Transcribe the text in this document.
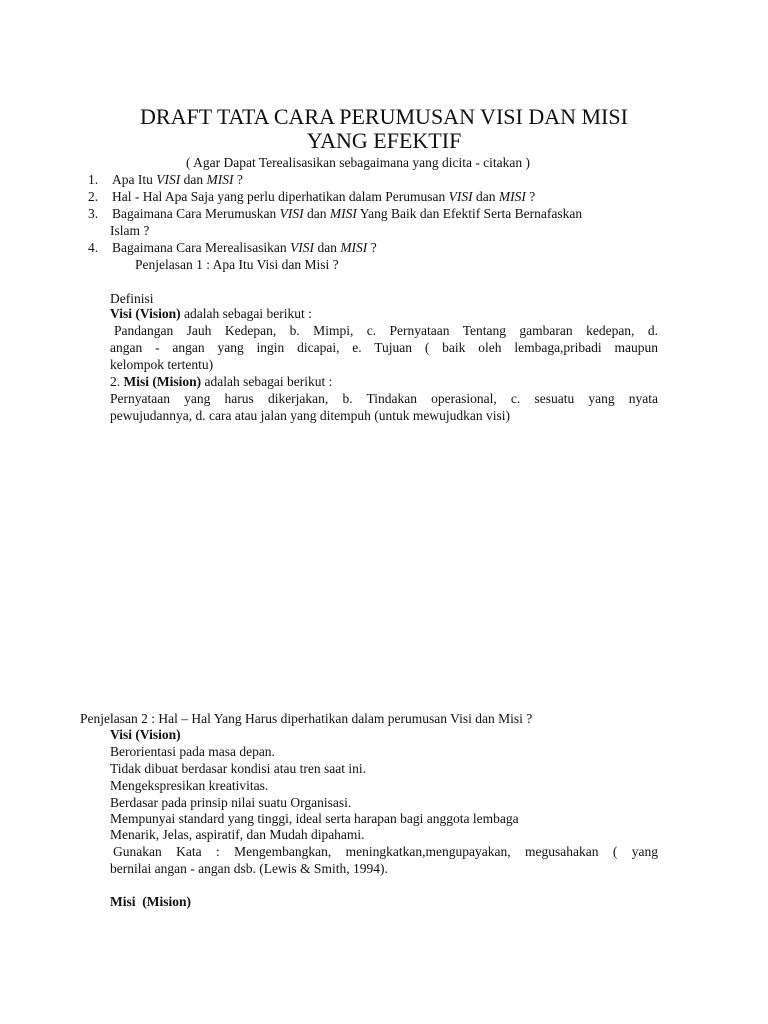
DRAFT TATA CARA PERUMUSAN VISI DAN MISI
YANG EFEKTIF
( Agar Dapat Terealisasikan sebagaimana yang dicita - citakan )
1. Apa Itu VISI dan MISI ?
2. Hal - Hal Apa Saja yang perlu diperhatikan dalam Perumusan VISI dan MISI ?
3. Bagaimana Cara Merumuskan VISI dan MISI Yang Baik dan Efektif Serta Bernafaskan
Islam ?
4. Bagaimana Cara Merealisasikan VISI dan MISI ?
Penjelasan 1 : Apa Itu Visi dan Misi ?
Definisi
Visi (Vision) adalah sebagai berikut :
Pandangan Jauh Kedepan, b. Mimpi, c. Pernyataan Tentang gambaran kedepan, d.
angan - angan yang ingin dicapai, e. Tujuan ( baik oleh lembaga,pribadi maupun
kelompok tertentu)
2. Misi (Mision) adalah sebagai berikut :
Pernyataan yang harus dikerjakan, b. Tindakan operasional, c. sesuatu yang nyata
pewujudannya, d. cara atau jalan yang ditempuh (untuk mewujudkan visi)
Penjelasan 2 : Hal – Hal Yang Harus diperhatikan dalam perumusan Visi dan Misi ?
Visi (Vision)
Berorientasi pada masa depan.
Tidak dibuat berdasar kondisi atau tren saat ini.
Mengekspresikan kreativitas.
Berdasar pada prinsip nilai suatu Organisasi.
Mempunyai standard yang tinggi, ideal serta harapan bagi anggota lembaga
Menarik, Jelas, aspiratif, dan Mudah dipahami.
Gunakan Kata : Mengembangkan, meningkatkan,mengupayakan, megusahakan ( yang
bernilai angan - angan dsb. (Lewis & Smith, 1994).
Misi  (Mision)
